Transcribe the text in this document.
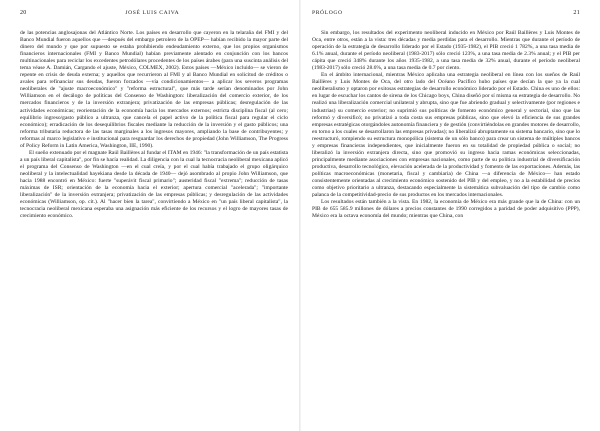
20	JOSÉ LUIS CAIVA

de las potencias anglosajonas del Atlántico Norte. Los países en desarrollo que cayeron en la telaraña del FMI y del Banco Mundial fueron aquellos que —después del embargo petrolero de la OPEP— habían recibido la mayor parte del dinero del mundo y que por supuesto se estaba prohibiendo endeudamiento externo, que los propios organismos financieros internacionales (FMI y Banco Mundial) habían previamente alentado en conjunción con los bancos multinacionales para reciclar los excedentes petrodólares procedentes de los países árabes (para una suscinta análisis del tema véase A. Damián, Cargando el ajuste, México, COLMEX, 2002). Estos países —México incluido— se vieron de repente en crisis de deuda externa; y aquellos que recurrieron al FMI y al Banco Mundial en solicitud de créditos o avales para refinanciar sus deudas, fueron forzados —vía condicionamientos— a aplicar los severos programas neoliberales de "ajuste macroeconómico" y "reforma estructural", que más tarde serían denominados por John Williamson en el decálogo de políticas del Consenso de Washington: liberalización del comercio exterior, de los mercados financieros y de la inversión extranjera; privatización de las empresas públicas; desregulación de las actividades económicas; reorientación de la economía hacia los mercados externos; estricta disciplina fiscal (al cero; equilibrio ingreso/gasto público a ultranza, que cancela el papel activo de la política fiscal para regular el ciclo económico); erradicación de los desequilibrios fiscales mediante la reducción de la inversión y el gasto públicos; una reforma tributaria reductora de las tasas marginales a los ingresos mayores, ampliando la base de contribuyentes; y reformas al marco legislativo e institucional para resguardar los derechos de propiedad (John Williamson, The Progress of Policy Reform in Latin America, Washington, IIE, 1990).

El sueño extenuado por el magnate Raúl Baillères al fundar el ITAM en 1946: "la transformación de un país estatista a un país liberal capitalista", por fin se hacía realidad. La diligencia con la cual la tecnocracia neoliberal mexicana aplicó el programa del Consenso de Washington —en el cual creía, y por el cual había trabajado el grupo oligárquico neoliberal y la intelectualidad hayekiana desde la década de 1940— dejó asombrado al propio John Williamson, que hacia 1988 encontró en México: fuerte "superávit fiscal primario"; austeridad fiscal "extrema"; reducción de tasas máximas de ISR; orientación de la economía hacia el exterior; apertura comercial "acelerada"; "importante liberalización" de la inversión extranjera; privatización de las empresas públicas; y desregulación de las actividades económicas (Williamson, op. cit.). Al "hacer bien la tarea", convirtiendo a México en "un país liberal capitalista", la tecnocracia neoliberal mexicana esperaba una asignación más eficiente de los recursos y el logro de mayores tasas de crecimiento económico.

PRÓLOGO	21

Sin embargo, los resultados del experimento neoliberal inducido en México por Raúl Baillères y Luis Montes de Oca, entre otros, están a la vista: tres décadas y media perdidas para el desarrollo. Mientras que durante el período de operación de la estrategia de desarrollo liderado por el Estado (1935-1982), el PIB creció 1 782%, a una tasa media de 6.1% anual, durante el período neoliberal (1983-2017) sólo creció 123%, a una tasa media de 2.3% anual; y el PIB per cápita que creció 348% durante los años 1935-1982, a una tasa media de 32% anual, durante el período neoliberal (1983-2017) sólo creció 28.6%, a una tasa media de 0.7 por ciento.

En el ámbito internacional, mientras México aplicaba una estrategia neoliberal en línea con los sueños de Raúl Baillères y Luis Montes de Oca, del otro lado del Océano Pacífico hubo países que decían la que ya la cual neoliberalismo y optaron por exitosas estrategias de desarrollo económico liderado por el Estado. China es uno de ellos: en lugar de escuchar los cantos de sirena de los Chicago boys, China diseñó por sí misma su estrategia de desarrollo. No realizó una liberalización comercial unilateral y abrupta, sino que fue abriendo gradual y selectivamente (por regiones e industrias) su comercio exterior; no suprimió sus políticas de fomento económico general y sectorial, sino que las reformó y diversificó; no privatizó a toda costa sus empresas públicas, sino que elevó la eficiencia de sus grandes empresas estratégicas otorgándoles autonomía financiera y de gestión (convirtiéndolas en grandes motores de desarrollo, en torno a los cuales se desarrollaron las empresas privadas); no liberalizó abruptamente su sistema bancario, sino que lo reestructuró, rompiendo su estructura monopólica (sistema de un sólo banco) para crear un sistema de múltiples bancos y empresas financieras independientes, que inicialmente fueron en su totalidad de propiedad pública o social; no liberalizó la inversión extranjera directa, sino que promovió su ingreso hacia ramas económicas seleccionadas, principalmente mediante asociaciones con empresas nacionales, como parte de su política industrial de diversificación productiva, desarrollo tecnológico, elevación acelerada de la productividad y fomento de las exportaciones. Además, las políticas macroeconómicas (monetaria, fiscal y cambiaria) de China —a diferencia de México— han estado consistentemente orientadas al crecimiento económico sostenido del PIB y del empleo, y no a la estabilidad de precios como objetivo prioritario a ultranza, destacando especialmente la sistemática subvaluación del tipo de cambio como palanca de la competitividad-precio de sus productos en los mercados internacionales.

Los resultados están también a la vista. En 1982, la economía de México era más grande que la de China: con un PIB de 655 585.9 millones de dólares a precios constantes de 1990 corregidos a paridad de poder adquisitivo (PPP), México era la octava economía del mundo; mientras que China, con
